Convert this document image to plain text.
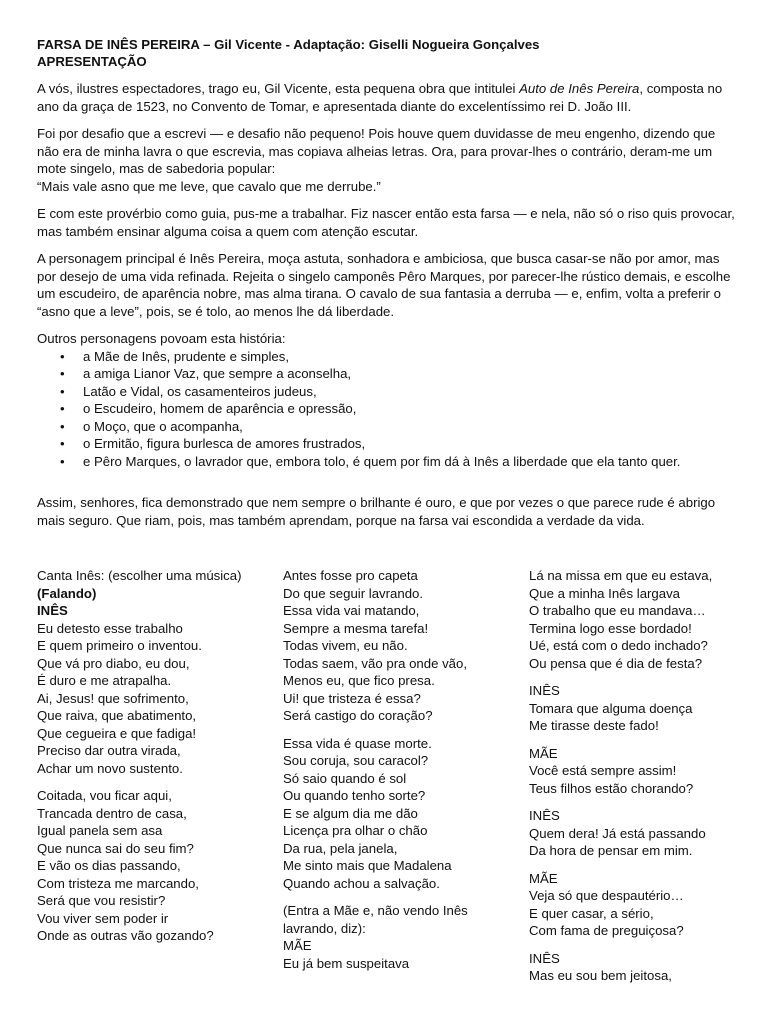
FARSA DE INÊS PEREIRA – Gil Vicente - Adaptação: Giselli Nogueira Gonçalves
APRESENTAÇÃO

A vós, ilustres espectadores, trago eu, Gil Vicente, esta pequena obra que intitulei Auto de Inês Pereira, composta no ano da graça de 1523, no Convento de Tomar, e apresentada diante do excelentíssimo rei D. João III.

Foi por desafio que a escrevi — e desafio não pequeno! Pois houve quem duvidasse de meu engenho, dizendo que não era de minha lavra o que escrevia, mas copiava alheias letras. Ora, para provar-lhes o contrário, deram-me um mote singelo, mas de sabedoria popular:

“Mais vale asno que me leve, que cavalo que me derrube.”

E com este provérbio como guia, pus-me a trabalhar. Fiz nascer então esta farsa — e nela, não só o riso quis provocar, mas também ensinar alguma coisa a quem com atenção escutar.

A personagem principal é Inês Pereira, moça astuta, sonhadora e ambiciosa, que busca casar-se não por amor, mas por desejo de uma vida refinada. Rejeita o singelo camponês Pêro Marques, por parecer-lhe rústico demais, e escolhe um escudeiro, de aparência nobre, mas alma tirana. O cavalo de sua fantasia a derruba — e, enfim, volta a preferir o “asno que a leve”, pois, se é tolo, ao menos lhe dá liberdade.

Outros personagens povoam esta história:

• a Mãe de Inês, prudente e simples,
• a amiga Lianor Vaz, que sempre a aconselha,
• Latão e Vidal, os casamenteiros judeus,
• o Escudeiro, homem de aparência e opressão,
• o Moço, que o acompanha,
• o Ermitão, figura burlesca de amores frustrados,
• e Pêro Marques, o lavrador que, embora tolo, é quem por fim dá à Inês a liberdade que ela tanto quer.

Assim, senhores, fica demonstrado que nem sempre o brilhante é ouro, e que por vezes o que parece rude é abrigo mais seguro. Que riam, pois, mas também aprendam, porque na farsa vai escondida a verdade da vida.

Canta Inês: (escolher uma música)
(Falando)
INÊS
Eu detesto esse trabalho
E quem primeiro o inventou.
Que vá pro diabo, eu dou,
É duro e me atrapalha.
Ai, Jesus! que sofrimento,
Que raiva, que abatimento,
Que cegueira e que fadiga!
Preciso dar outra virada,
Achar um novo sustento.
Coitada, vou ficar aqui,
Trancada dentro de casa,
Igual panela sem asa
Que nunca sai do seu fim?
E vão os dias passando,
Com tristeza me marcando,
Será que vou resistir?
Vou viver sem poder ir
Onde as outras vão gozando?
Antes fosse pro capeta
Do que seguir lavrando.
Essa vida vai matando,
Sempre a mesma tarefa!
Todas vivem, eu não.
Todas saem, vão pra onde vão,
Menos eu, que fico presa.
Ui! que tristeza é essa?
Será castigo do coração?
Essa vida é quase morte.
Sou coruja, sou caracol?
Só saio quando é sol
Ou quando tenho sorte?
E se algum dia me dão
Licença pra olhar o chão
Da rua, pela janela,
Me sinto mais que Madalena
Quando achou a salvação.
(Entra a Mãe e, não vendo Inês lavrando, diz):
MÃE
Eu já bem suspeitava
Lá na missa em que eu estava,
Que a minha Inês largava
O trabalho que eu mandava…
Termina logo esse bordado!
Ué, está com o dedo inchado?
Ou pensa que é dia de festa?
INÊS
Tomara que alguma doença
Me tirasse deste fado!
MÃE
Você está sempre assim!
Teus filhos estão chorando?
INÊS
Quem dera! Já está passando
Da hora de pensar em mim.
MÃE
Veja só que despautério…
E quer casar, a sério,
Com fama de preguiçosa?
INÊS
Mas eu sou bem jeitosa,
